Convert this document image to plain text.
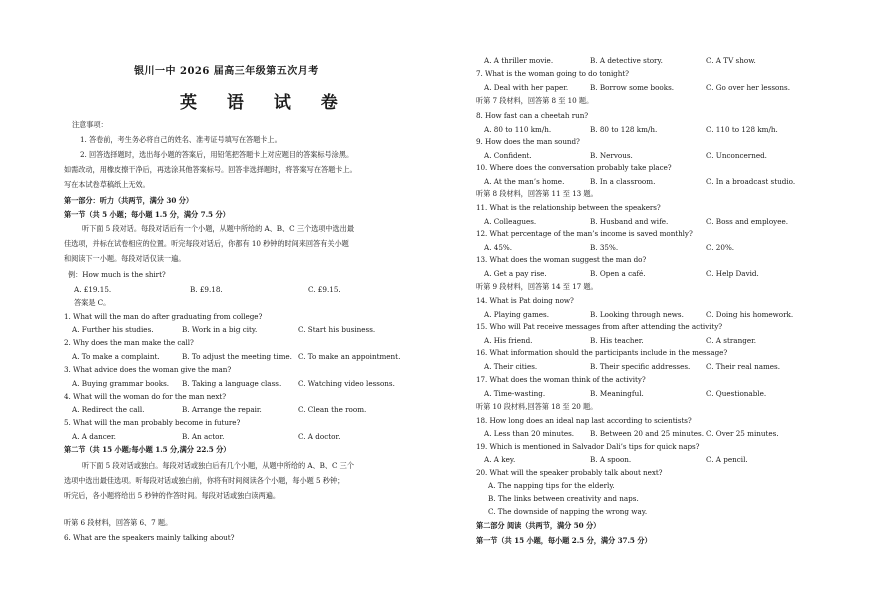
银川一中 2026 届高三年级第五次月考
英 语 试 卷
注意事项：
1. 答卷前，考生务必将自己的姓名、准考证号填写在答题卡上。
2. 回答选择题时，选出每小题的答案后，用铅笔把答题卡上对应题目的答案标号涂黑。
如需改动，用橡皮擦干净后，再选涂其他答案标号。回答非选择题时，将答案写在答题卡上。
写在本试卷草稿纸上无效。
第一部分：听力（共两节，满分 30 分）
第一节（共 5 小题；每小题 1.5 分，满分 7.5 分）
听下面 5 段对话。每段对话后有一个小题，从题中所给的 A、B、C 三个选项中选出最
佳选项，并标在试卷相应的位置。听完每段对话后，你都有 10 秒钟的时间来回答有关小题
和阅读下一小题。每段对话仅读一遍。
例：How much is the shirt?
A. £19.15.	B. £9.18.	C. £9.15.
答案是 C。
1. What will the man do after graduating from college?
A. Further his studies.	B. Work in a big city.	C. Start his business.
2. Why does the man make the call?
A. To make a complaint.	B. To adjust the meeting time. C. To make an appointment.
3. What advice does the woman give the man?
A. Buying grammar books. B. Taking a language class. C. Watching video lessons.
4. What will the woman do for the man next?
A. Redirect the call.	B. Arrange the repair.	C. Clean the room.
5. What will the man probably become in future?
A. A dancer.	B. An actor.	C. A doctor.
第二节（共 15 小题;每小题 1.5 分,满分 22.5 分）
听下面 5 段对话或独白。每段对话或独白后有几个小题，从题中所给的 A、B、C 三个
选项中选出最佳选项。听每段对话或独白前，你将有时间阅读各个小题，每小题 5 秒钟；
听完后，各小题将给出 5 秒钟的作答时间。每段对话或独白读两遍。
听第 6 段材料，回答第 6、7 题。
6. What are the speakers mainly talking about?
A. A thriller movie.	B. A detective story.	C. A TV show.
7. What is the woman going to do tonight?
A. Deal with her paper.	B. Borrow some books.	C. Go over her lessons.
听第 7 段材料，回答第 8 至 10 题。
8. How fast can a cheetah run?
A. 80 to 110 km/h.	B. 80 to 128 km/h.	C. 110 to 128 km/h.
9. How does the man sound?
A. Confident.	B. Nervous.	C. Unconcerned.
10. Where does the conversation probably take place?
A. At the man’s home.	B. In a classroom.	C. In a broadcast studio.
听第 8 段材料，回答第 11 至 13 题。
11. What is the relationship between the speakers?
A. Colleagues.	B. Husband and wife.	C. Boss and employee.
12. What percentage of the man’s income is saved monthly?
A. 45%.	B. 35%.	C. 20%.
13. What does the woman suggest the man do?
A. Get a pay rise.	B. Open a café.	C. Help David.
听第 9 段材料，回答第 14 至 17 题。
14. What is Pat doing now?
A. Playing games.	B. Looking through news.	C. Doing his homework.
15. Who will Pat receive messages from after attending the activity?
A. His friend.	B. His teacher.	C. A stranger.
16. What information should the participants include in the message?
A. Their cities.	B. Their specific addresses. C. Their real names.
17. What does the woman think of the activity?
A. Time-wasting.	B. Meaningful.	C. Questionable.
听第 10 段材料,回答第 18 至 20 题。
18. How long does an ideal nap last according to scientists?
A. Less than 20 minutes. B. Between 20 and 25 minutes. C. Over 25 minutes.
19. Which is mentioned in Salvador Dali’s tips for quick naps?
A. A key.	B. A spoon.	C. A pencil.
20. What will the speaker probably talk about next?
A. The napping tips for the elderly.
B. The links between creativity and naps.
C. The downside of napping the wrong way.
第二部分 阅读（共两节，满分 50 分）
第一节（共 15 小题，每小题 2.5 分，满分 37.5 分）
